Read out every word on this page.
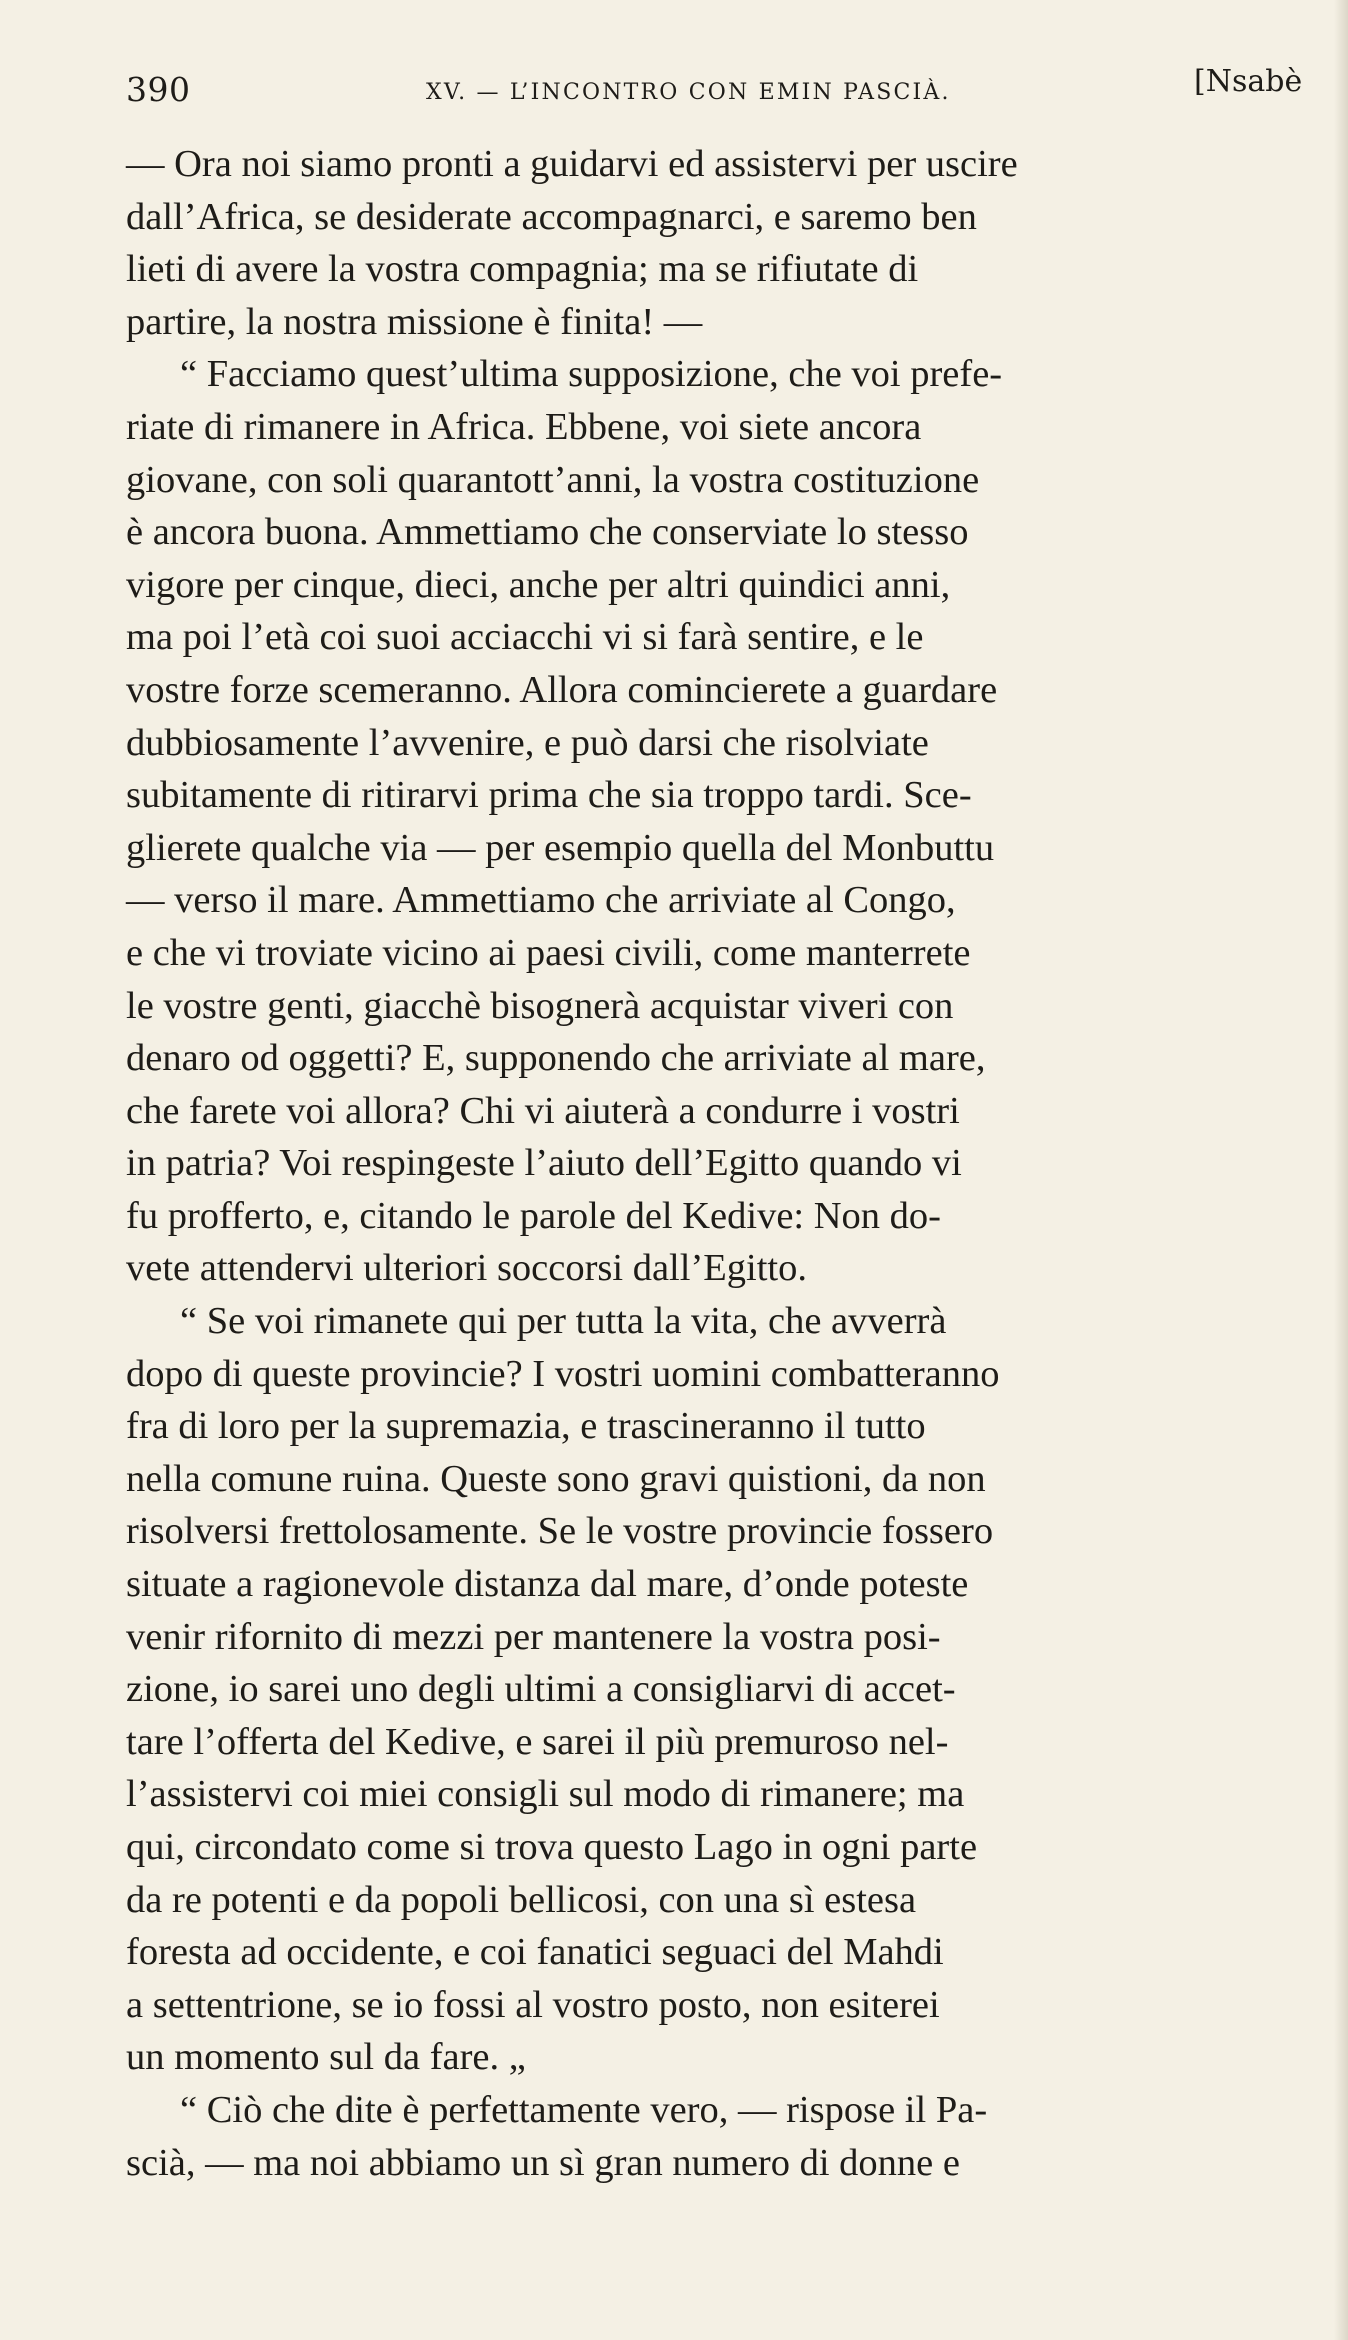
390	XV. — L’INCONTRO CON EMIN PASCIÀ.	[Nsabè
— Ora noi siamo pronti a guidarvi ed assistervi per uscire
dall’Africa, se desiderate accompagnarci, e saremo ben
lieti di avere la vostra compagnia; ma se rifiutate di
partire, la nostra missione è finita! —
“ Facciamo quest’ultima supposizione, che voi prefe-
riate di rimanere in Africa. Ebbene, voi siete ancora
giovane, con soli quarantott’anni, la vostra costituzione
è ancora buona. Ammettiamo che conserviate lo stesso
vigore per cinque, dieci, anche per altri quindici anni,
ma poi l’età coi suoi acciacchi vi si farà sentire, e le
vostre forze scemeranno. Allora comincierete a guardare
dubbiosamente l’avvenire, e può darsi che risolviate
subitamente di ritirarvi prima che sia troppo tardi. Sce-
glierete qualche via — per esempio quella del Monbuttu
— verso il mare. Ammettiamo che arriviate al Congo,
e che vi troviate vicino ai paesi civili, come manterrete
le vostre genti, giacchè bisognerà acquistar viveri con
denaro od oggetti? E, supponendo che arriviate al mare,
che farete voi allora? Chi vi aiuterà a condurre i vostri
in patria? Voi respingeste l’aiuto dell’Egitto quando vi
fu profferto, e, citando le parole del Kedive: Non do-
vete attendervi ulteriori soccorsi dall’Egitto.
“ Se voi rimanete qui per tutta la vita, che avverrà
dopo di queste provincie? I vostri uomini combatteranno
fra di loro per la supremazia, e trascineranno il tutto
nella comune ruina. Queste sono gravi quistioni, da non
risolversi frettolosamente. Se le vostre provincie fossero
situate a ragionevole distanza dal mare, d’onde poteste
venir rifornito di mezzi per mantenere la vostra posi-
zione, io sarei uno degli ultimi a consigliarvi di accet-
tare l’offerta del Kedive, e sarei il più premuroso nel-
l’assistervi coi miei consigli sul modo di rimanere; ma
qui, circondato come si trova questo Lago in ogni parte
da re potenti e da popoli bellicosi, con una sì estesa
foresta ad occidente, e coi fanatici seguaci del Mahdi
a settentrione, se io fossi al vostro posto, non esiterei
un momento sul da fare. „
“ Ciò che dite è perfettamente vero, — rispose il Pa-
scià, — ma noi abbiamo un sì gran numero di donne e
